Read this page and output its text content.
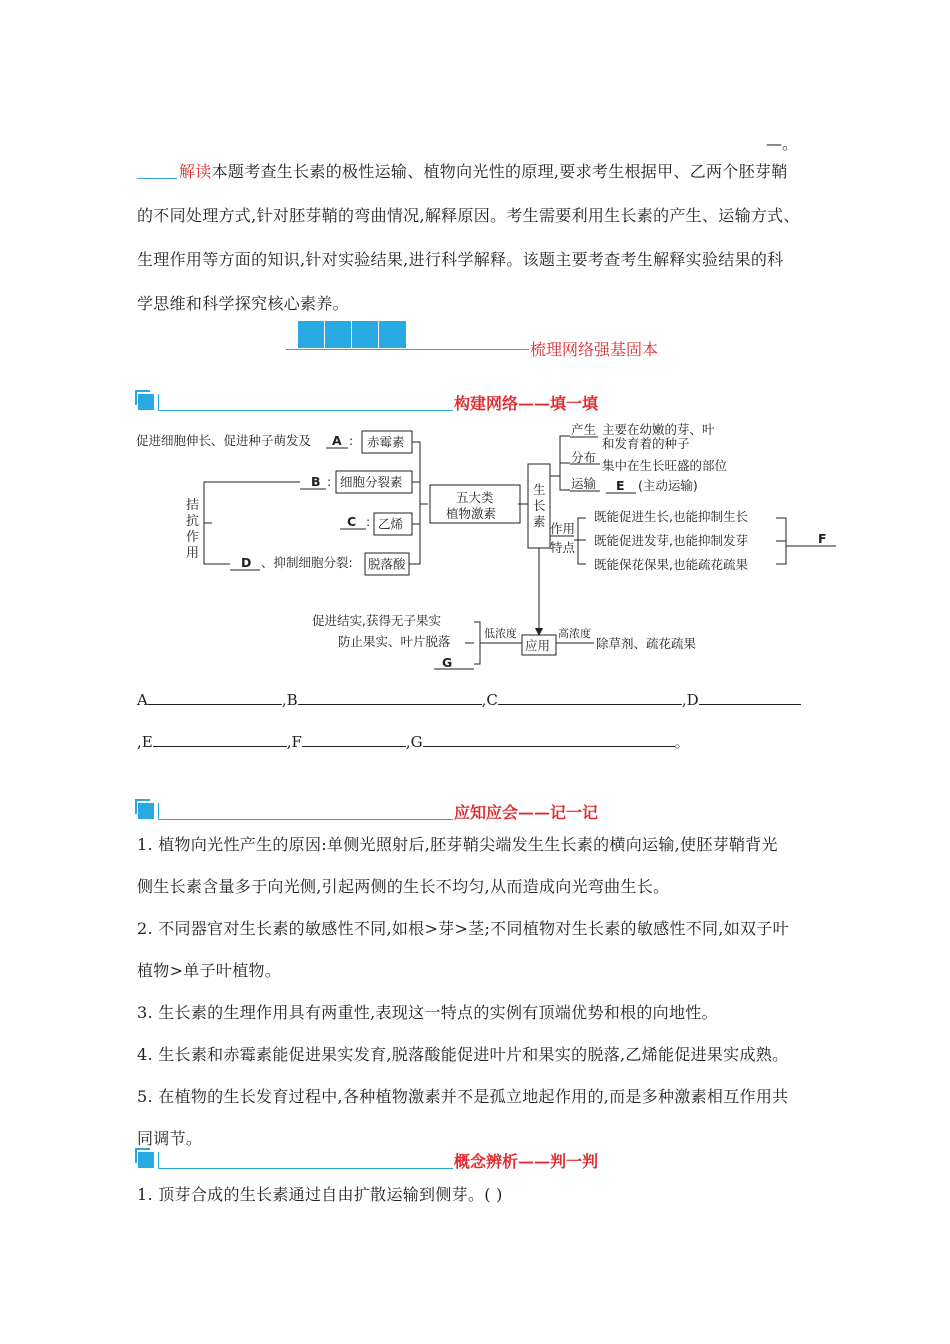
—。
解读本题考查生长素的极性运输、植物向光性的原理,要求考生根据甲、乙两个胚芽鞘
的不同处理方式,针对胚芽鞘的弯曲情况,解释原因。考生需要利用生长素的产生、运输方式、
生理作用等方面的知识,针对实验结果,进行科学解释。该题主要考查考生解释实验结果的科
学思维和科学探究核心素养。
梳理网络强基固本
构建网络——填一填
促进细胞伸长、促进种子萌发及 A : 赤霉素
B : 细胞分裂素
C : 乙烯
D 、抑制细胞分裂: 脱落酸
拮
抗
作
用
五大类
植物激素
生
长
素
产生 主要在幼嫩的芽、叶
和发育着的种子
分布
集中在生长旺盛的部位
运输 E (主动运输)
作用
特点
既能促进生长,也能抑制生长
既能促进发芽,也能抑制发芽
既能保花保果,也能疏花疏果
F
应用
低浓度	高浓度
除草剂、疏花疏果
促进结实,获得无子果实
防止果实、叶片脱落
G
A	,B	,C	,D
,E	,F	,G	。
应知应会——记一记
1. 植物向光性产生的原因:单侧光照射后,胚芽鞘尖端发生生长素的横向运输,使胚芽鞘背光
侧生长素含量多于向光侧,引起两侧的生长不均匀,从而造成向光弯曲生长。
2. 不同器官对生长素的敏感性不同,如根>芽>茎;不同植物对生长素的敏感性不同,如双子叶
植物>单子叶植物。
3. 生长素的生理作用具有两重性,表现这一特点的实例有顶端优势和根的向地性。
4. 生长素和赤霉素能促进果实发育,脱落酸能促进叶片和果实的脱落,乙烯能促进果实成熟。
5. 在植物的生长发育过程中,各种植物激素并不是孤立地起作用的,而是多种激素相互作用共
同调节。
概念辨析——判一判
1. 顶芽合成的生长素通过自由扩散运输到侧芽。( )
